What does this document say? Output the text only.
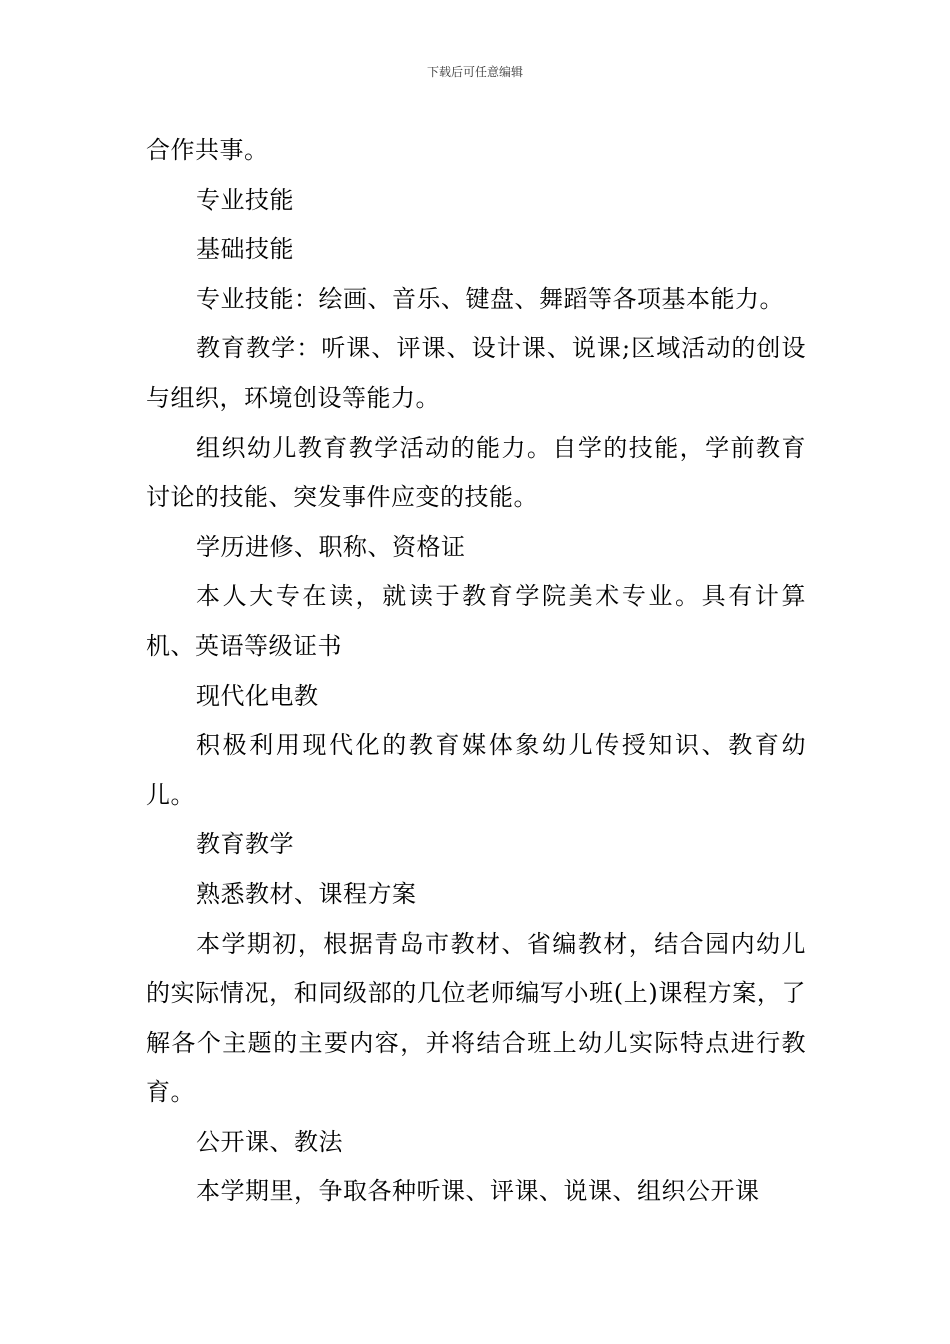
下载后可任意编辑

合作共事。

专业技能

基础技能

专业技能：绘画、音乐、键盘、舞蹈等各项基本能力。

教育教学：听课、评课、设计课、说课;区域活动的创设与组织，环境创设等能力。

组织幼儿教育教学活动的能力。自学的技能，学前教育讨论的技能、突发事件应变的技能。

学历进修、职称、资格证

本人大专在读，就读于教育学院美术专业。具有计算机、英语等级证书

现代化电教

积极利用现代化的教育媒体象幼儿传授知识、教育幼儿。

教育教学

熟悉教材、课程方案

本学期初，根据青岛市教材、省编教材，结合园内幼儿的实际情况，和同级部的几位老师编写小班(上)课程方案，了解各个主题的主要内容，并将结合班上幼儿实际特点进行教育。

公开课、教法

本学期里，争取各种听课、评课、说课、组织公开课
